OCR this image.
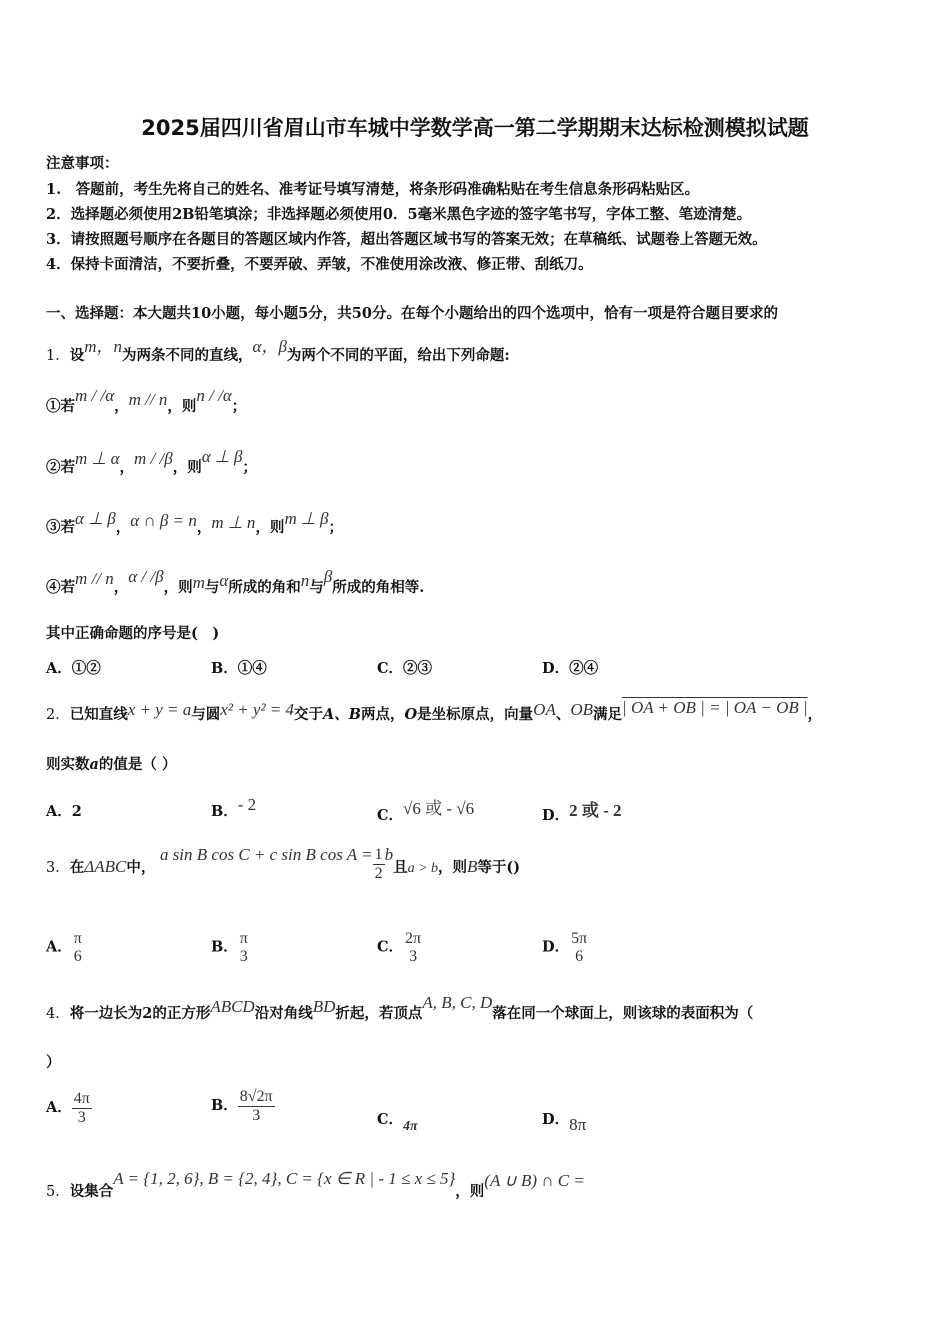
2025届四川省眉山市车城中学数学高一第二学期期末达标检测模拟试题
注意事项：
1.　答题前，考生先将自己的姓名、准考证号填写清楚，将条形码准确粘贴在考生信息条形码粘贴区。
2．选择题必须使用2B铅笔填涂；非选择题必须使用0．5毫米黑色字迹的签字笔书写，字体工整、笔迹清楚。
3．请按照题号顺序在各题目的答题区域内作答，超出答题区域书写的答案无效；在草稿纸、试题卷上答题无效。
4．保持卡面清洁，不要折叠，不要弄破、弄皱，不准使用涂改液、修正带、刮纸刀。
一、选择题：本大题共10小题，每小题5分，共50分。在每个小题给出的四个选项中，恰有一项是符合题目要求的
1．设m，n为两条不同的直线，α，β为两个不同的平面，给出下列命题:
①若m / /α，m // n，则n / /α；
②若m ⊥ α，m / /β，则α ⊥ β；
③若α ⊥ β，α ∩ β = n，m ⊥ n，则m ⊥ β；
④若m // n，α / /β，则m与α所成的角和n与β所成的角相等.
其中正确命题的序号是(　)
A．①②	B．①④	C．②③	D．②④
2．已知直线x + y = a与圆x² + y² = 4交于A、B两点，O是坐标原点，向量OA、OB满足| OA + OB | = | OA − OB |，
则实数a的值是（ ）
A．2	B．- 2
C．√6 或 - √6	D．2 或 - 2
3．在ΔABC中， a sin B cos C + c sin B $\cos A = \frac{1}{2}$ b且a > b，则B等于()
A．
π
6
B．
π
3
C．
2π
3
D．
5π
6
4．将一边长为2的正方形ABCD沿对角线BD折起，若顶点A, B, C, D落在同一个球面上，则该球的表面积为（
）
A． $\frac{4\pi}{3}$	B． $\frac{8√2\pi}{3}$	C．4π	D．8π
5．设集合A = {1, 2, 6}, B = {2, 4}, C = {x ∈ R | - 1 ≤ x ≤ 5}，则(A ∪ B) ∩ C =
